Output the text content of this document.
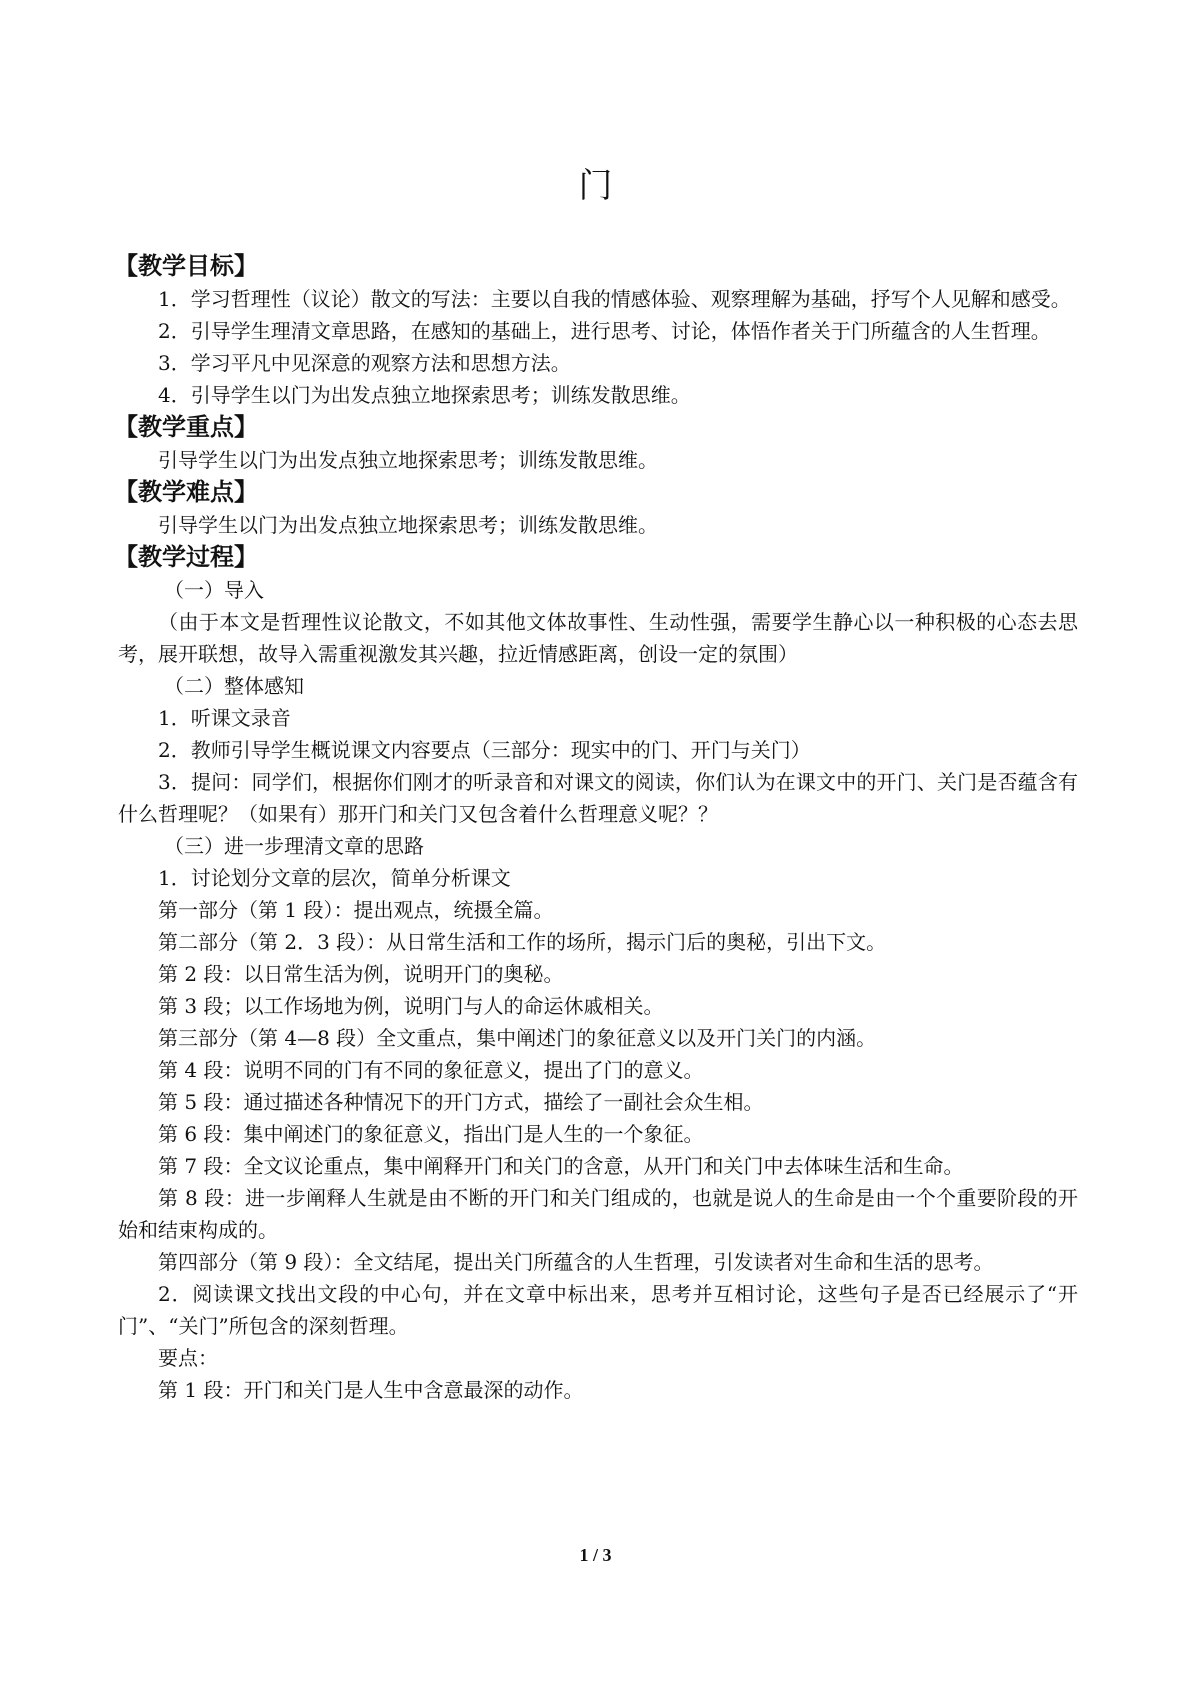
门
【教学目标】

1．学习哲理性（议论）散文的写法：主要以自我的情感体验、观察理解为基础，抒写个人见解和感受。

2．引导学生理清文章思路，在感知的基础上，进行思考、讨论，体悟作者关于门所蕴含的人生哲理。

3．学习平凡中见深意的观察方法和思想方法。

4．引导学生以门为出发点独立地探索思考；训练发散思维。

【教学重点】

引导学生以门为出发点独立地探索思考；训练发散思维。

【教学难点】

引导学生以门为出发点独立地探索思考；训练发散思维。

【教学过程】

（一）导入

（由于本文是哲理性议论散文，不如其他文体故事性、生动性强，需要学生静心以一种积极的心态去思考，展开联想，故导入需重视激发其兴趣，拉近情感距离，创设一定的氛围）

（二）整体感知

1．听课文录音

2．教师引导学生概说课文内容要点（三部分：现实中的门、开门与关门）

3．提问：同学们，根据你们刚才的听录音和对课文的阅读，你们认为在课文中的开门、关门是否蕴含有什么哲理呢？（如果有）那开门和关门又包含着什么哲理意义呢？？

（三）进一步理清文章的思路

1．讨论划分文章的层次，简单分析课文

第一部分（第 1 段）：提出观点，统摄全篇。

第二部分（第 2．3 段）：从日常生活和工作的场所，揭示门后的奥秘，引出下文。

第 2 段：以日常生活为例，说明开门的奥秘。

第 3 段；以工作场地为例，说明门与人的命运休戚相关。

第三部分（第 4—8 段）全文重点，集中阐述门的象征意义以及开门关门的内涵。

第 4 段：说明不同的门有不同的象征意义，提出了门的意义。

第 5 段：通过描述各种情况下的开门方式，描绘了一副社会众生相。

第 6 段：集中阐述门的象征意义，指出门是人生的一个象征。

第 7 段：全文议论重点，集中阐释开门和关门的含意，从开门和关门中去体味生活和生命。

第 8 段：进一步阐释人生就是由不断的开门和关门组成的，也就是说人的生命是由一个个重要阶段的开始和结束构成的。

第四部分（第 9 段）：全文结尾，提出关门所蕴含的人生哲理，引发读者对生命和生活的思考。

2．阅读课文找出文段的中心句，并在文章中标出来，思考并互相讨论，这些句子是否已经展示了“开门”、“关门”所包含的深刻哲理。

要点：

第 1 段：开门和关门是人生中含意最深的动作。

1 / 3
